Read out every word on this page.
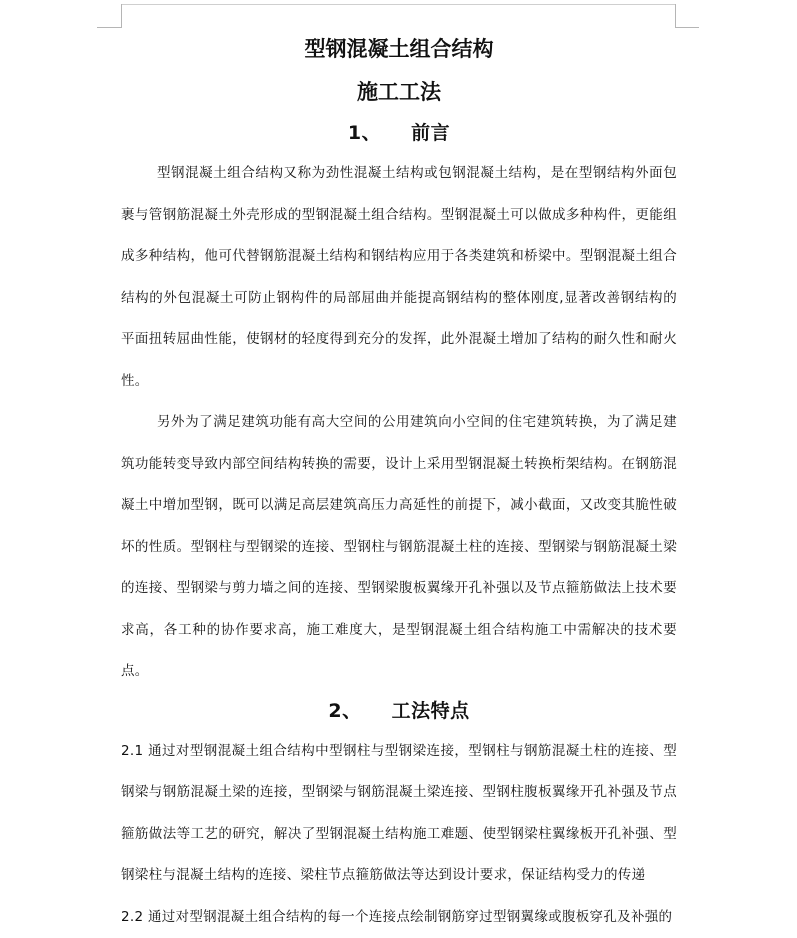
型钢混凝土组合结构
施工工法
1、 前言

型钢混凝土组合结构又称为劲性混凝土结构或包钢混凝土结构，是在型钢结构外面包裹与管钢筋混凝土外壳形成的型钢混凝土组合结构。型钢混凝土可以做成多种构件，更能组成多种结构，他可代替钢筋混凝土结构和钢结构应用于各类建筑和桥梁中。型钢混凝土组合结构的外包混凝土可防止钢构件的局部屈曲并能提高钢结构的整体刚度,显著改善钢结构的平面扭转屈曲性能，使钢材的轻度得到充分的发挥，此外混凝土增加了结构的耐久性和耐火性。

另外为了满足建筑功能有高大空间的公用建筑向小空间的住宅建筑转换，为了满足建筑功能转变导致内部空间结构转换的需要，设计上采用型钢混凝土转换桁架结构。在钢筋混凝土中增加型钢，既可以满足高层建筑高压力高延性的前提下，减小截面，又改变其脆性破坏的性质。型钢柱与型钢梁的连接、型钢柱与钢筋混凝土柱的连接、型钢梁与钢筋混凝土梁的连接、型钢梁与剪力墙之间的连接、型钢梁腹板翼缘开孔补强以及节点箍筋做法上技术要求高，各工种的协作要求高，施工难度大，是型钢混凝土组合结构施工中需解决的技术要点。

2、 工法特点

2.1 通过对型钢混凝土组合结构中型钢柱与型钢梁连接，型钢柱与钢筋混凝土柱的连接、型钢梁与钢筋混凝土梁的连接，型钢梁与钢筋混凝土梁连接、型钢柱腹板翼缘开孔补强及节点箍筋做法等工艺的研究，解决了型钢混凝土结构施工难题、使型钢梁柱翼缘板开孔补强、型钢梁柱与混凝土结构的连接、梁柱节点箍筋做法等达到设计要求，保证结构受力的传递

2.2 通过对型钢混凝土组合结构的每一个连接点绘制钢筋穿过型钢翼缘或腹板穿孔及补强的
